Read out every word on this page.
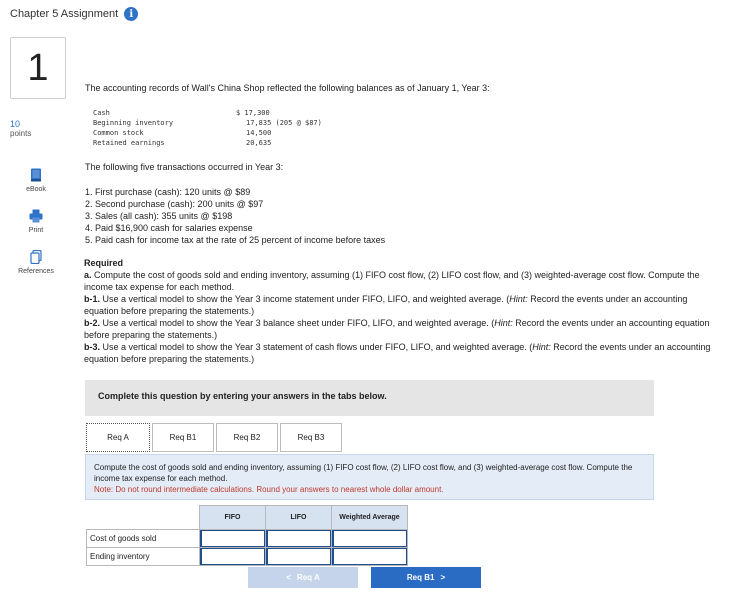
Chapter 5 Assignment	i
1
10
points
eBook
Print
References
The accounting records of Wall's China Shop reflected the following balances as of January 1, Year 3:
Cash	$ 17,300
Beginning inventory	17,835 (205 @ $87)
Common stock	14,500
Retained earnings	20,635
The following five transactions occurred in Year 3:
1. First purchase (cash): 120 units @ $89
2. Second purchase (cash): 200 units @ $97
3. Sales (all cash): 355 units @ $198
4. Paid $16,900 cash for salaries expense
5. Paid cash for income tax at the rate of 25 percent of income before taxes
Required
a. Compute the cost of goods sold and ending inventory, assuming (1) FIFO cost flow, (2) LIFO cost flow, and (3) weighted-average cost flow. Compute the income tax expense for each method.
b-1. Use a vertical model to show the Year 3 income statement under FIFO, LIFO, and weighted average. (Hint: Record the events under an accounting equation before preparing the statements.)
b-2. Use a vertical model to show the Year 3 balance sheet under FIFO, LIFO, and weighted average. (Hint: Record the events under an accounting equation before preparing the statements.)
b-3. Use a vertical model to show the Year 3 statement of cash flows under FIFO, LIFO, and weighted average. (Hint: Record the events under an accounting equation before preparing the statements.)
Complete this question by entering your answers in the tabs below.
Req A	Req B1	Req B2	Req B3
Compute the cost of goods sold and ending inventory, assuming (1) FIFO cost flow, (2) LIFO cost flow, and (3) weighted-average cost flow. Compute the income tax expense for each method.
Note: Do not round intermediate calculations. Round your answers to nearest whole dollar amount.
	FIFO	LIFO	Weighted Average
Cost of goods sold			
Ending inventory			
< Req A	Req B1 >
